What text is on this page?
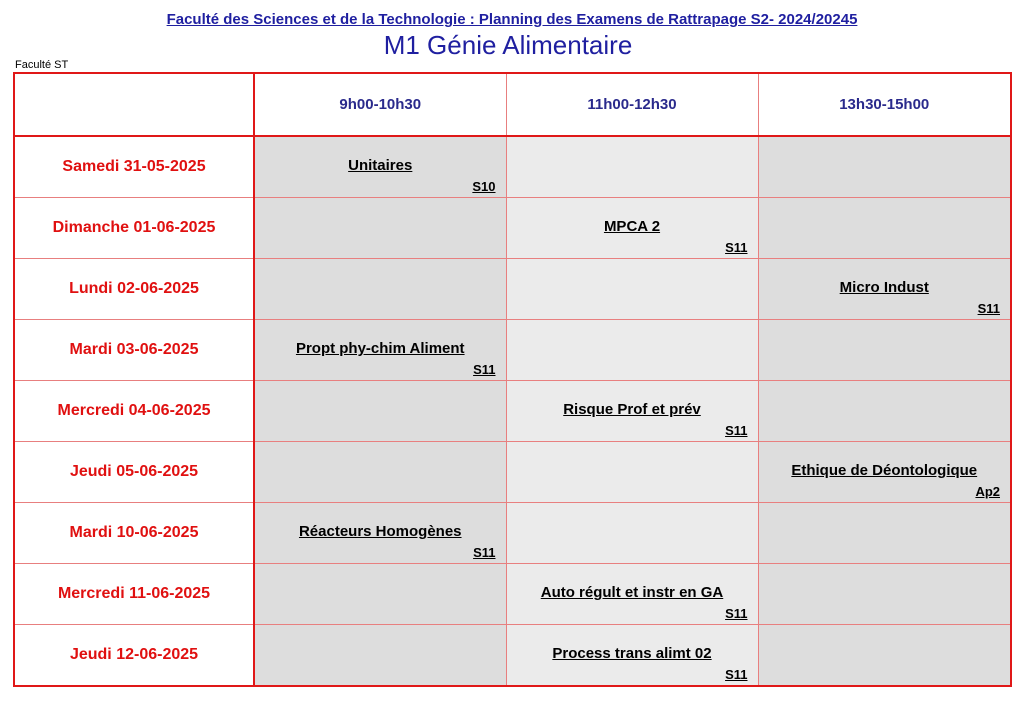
Faculté des Sciences et de la Technologie : Planning des Examens de Rattrapage S2- 2024/20245
M1 Génie Alimentaire
Faculté ST
	9h00-10h30	11h00-12h30	13h30-15h00
Samedi 31-05-2025	Unitaires
S10		

Dimanche 01-06-2025		MPCA 2
S11	

Lundi 02-06-2025			Micro Indust
S11

Mardi 03-06-2025	Propt phy-chim Aliment
S11		

Mercredi 04-06-2025		Risque Prof et prév
S11	

Jeudi 05-06-2025			Ethique de Déontologique
Ap2

Mardi 10-06-2025	Réacteurs Homogènes
S11		

Mercredi 11-06-2025		Auto régult et instr en GA
S11	

Jeudi 12-06-2025		Process trans alimt 02
S11	
